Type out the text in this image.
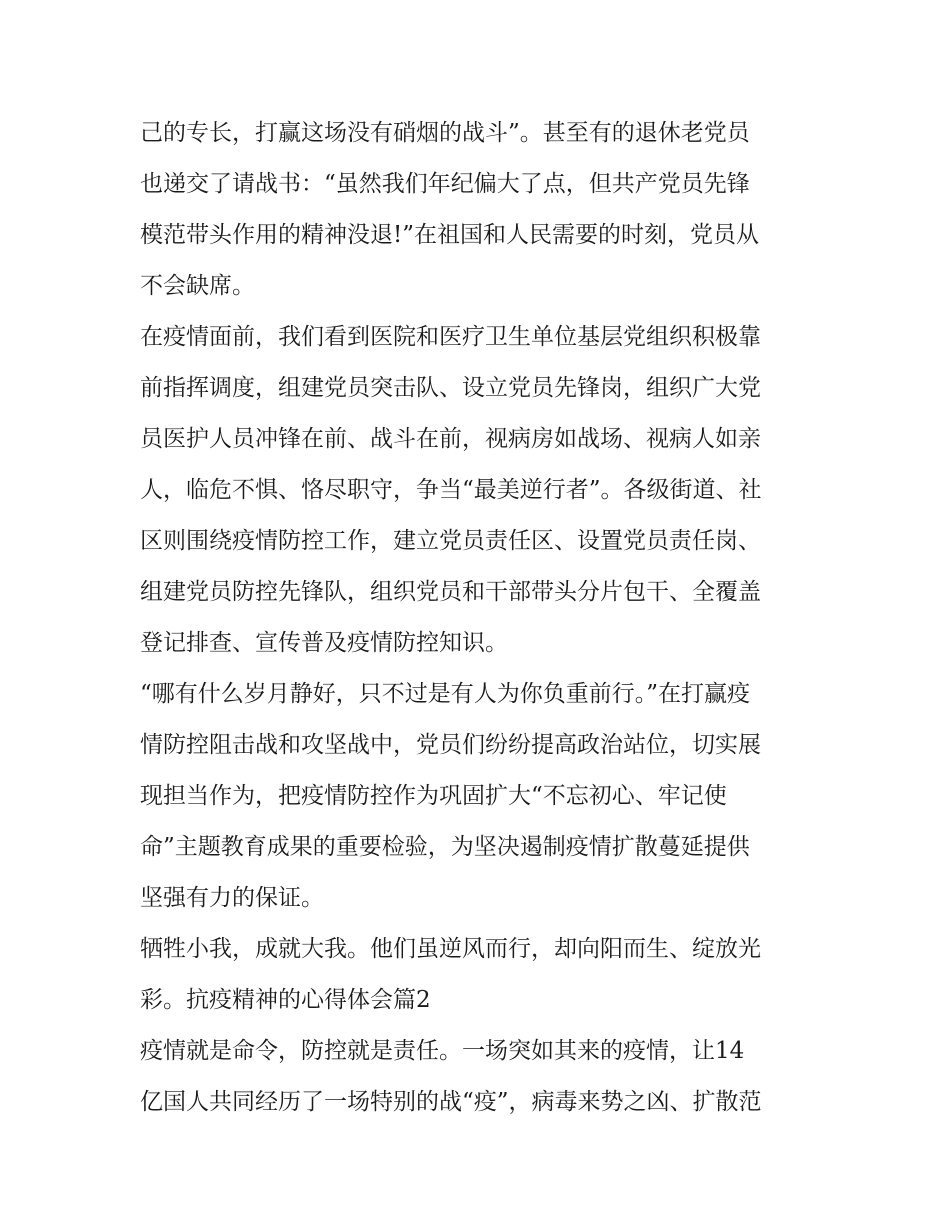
己的专长，打赢这场没有硝烟的战斗”。甚至有的退休老党员
也递交了请战书：“虽然我们年纪偏大了点，但共产党员先锋
模范带头作用的精神没退!”在祖国和人民需要的时刻，党员从
不会缺席。

在疫情面前，我们看到医院和医疗卫生单位基层党组织积极靠
前指挥调度，组建党员突击队、设立党员先锋岗，组织广大党
员医护人员冲锋在前、战斗在前，视病房如战场、视病人如亲
人，临危不惧、恪尽职守，争当“最美逆行者”。各级街道、社
区则围绕疫情防控工作，建立党员责任区、设置党员责任岗、
组建党员防控先锋队，组织党员和干部带头分片包干、全覆盖
登记排查、宣传普及疫情防控知识。

“哪有什么岁月静好，只不过是有人为你负重前行。”在打赢疫
情防控阻击战和攻坚战中，党员们纷纷提高政治站位，切实展
现担当作为，把疫情防控作为巩固扩大“不忘初心、牢记使
命”主题教育成果的重要检验，为坚决遏制疫情扩散蔓延提供
坚强有力的保证。

牺牲小我，成就大我。他们虽逆风而行，却向阳而生、绽放光
彩。抗疫精神的心得体会篇2

疫情就是命令，防控就是责任。一场突如其来的疫情，让14
亿国人共同经历了一场特别的战“疫”，病毒来势之凶、扩散范
